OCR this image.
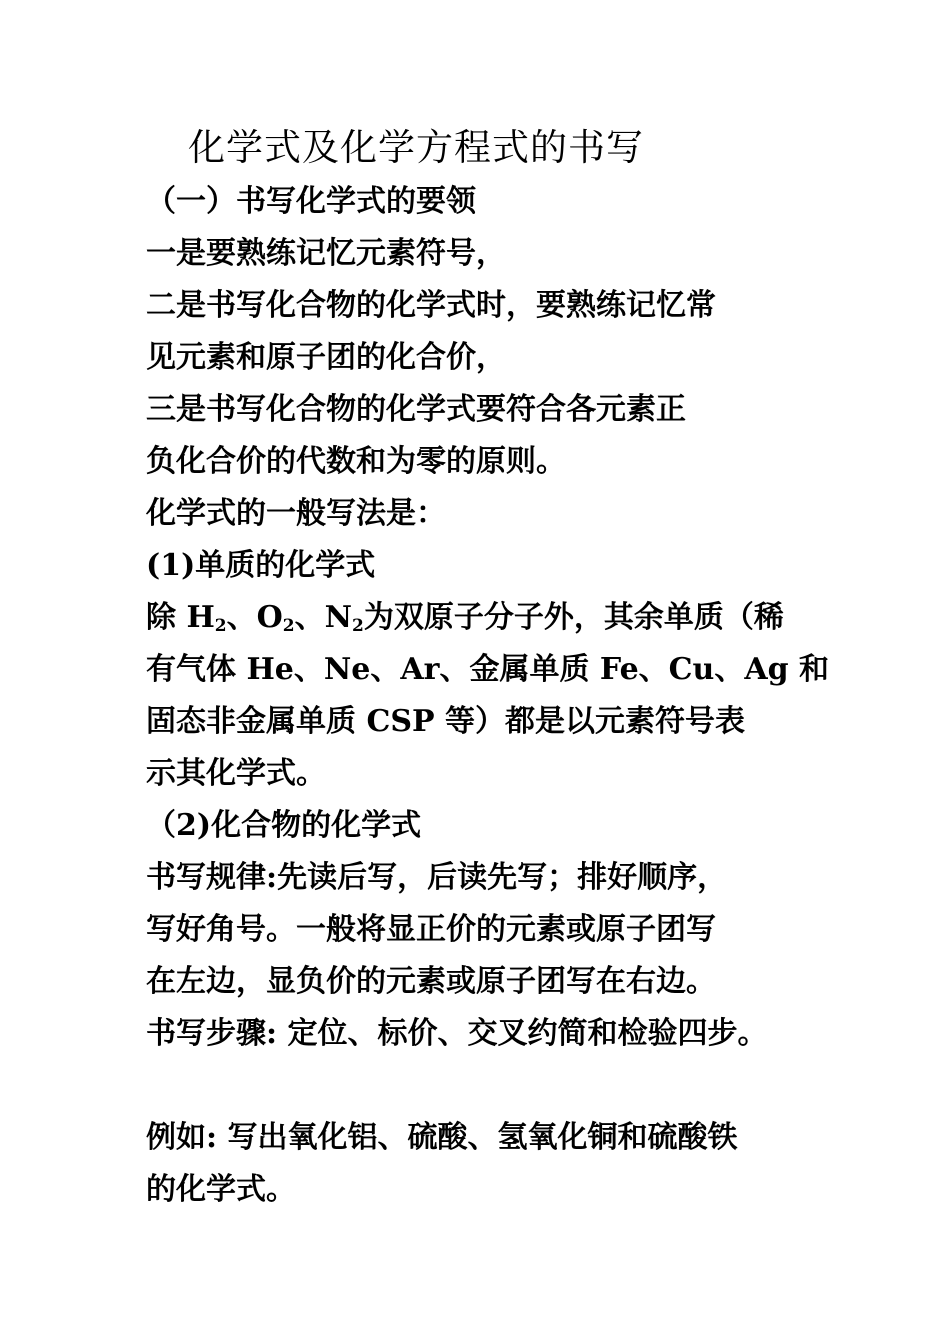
化学式及化学方程式的书写
（一）书写化学式的要领
一是要熟练记忆元素符号，
二是书写化合物的化学式时，要熟练记忆常
见元素和原子团的化合价，
三是书写化合物的化学式要符合各元素正
负化合价的代数和为零的原则。
化学式的一般写法是：
(1)单质的化学式
除 $H_2$、$O_2$、$N_2$为双原子分子外，其余单质（稀
有气体 He、Ne、Ar、金属单质 Fe、Cu、Ag 和
固态非金属单质 CSP 等）都是以元素符号表
示其化学式。
（2)化合物的化学式
书写规律:先读后写，后读先写；排好顺序，
写好角号。一般将显正价的元素或原子团写
在左边，显负价的元素或原子团写在右边。
书写步骤: 定位、标价、交叉约简和检验四步。
例如: 写出氧化铝、硫酸、氢氧化铜和硫酸铁
的化学式。
